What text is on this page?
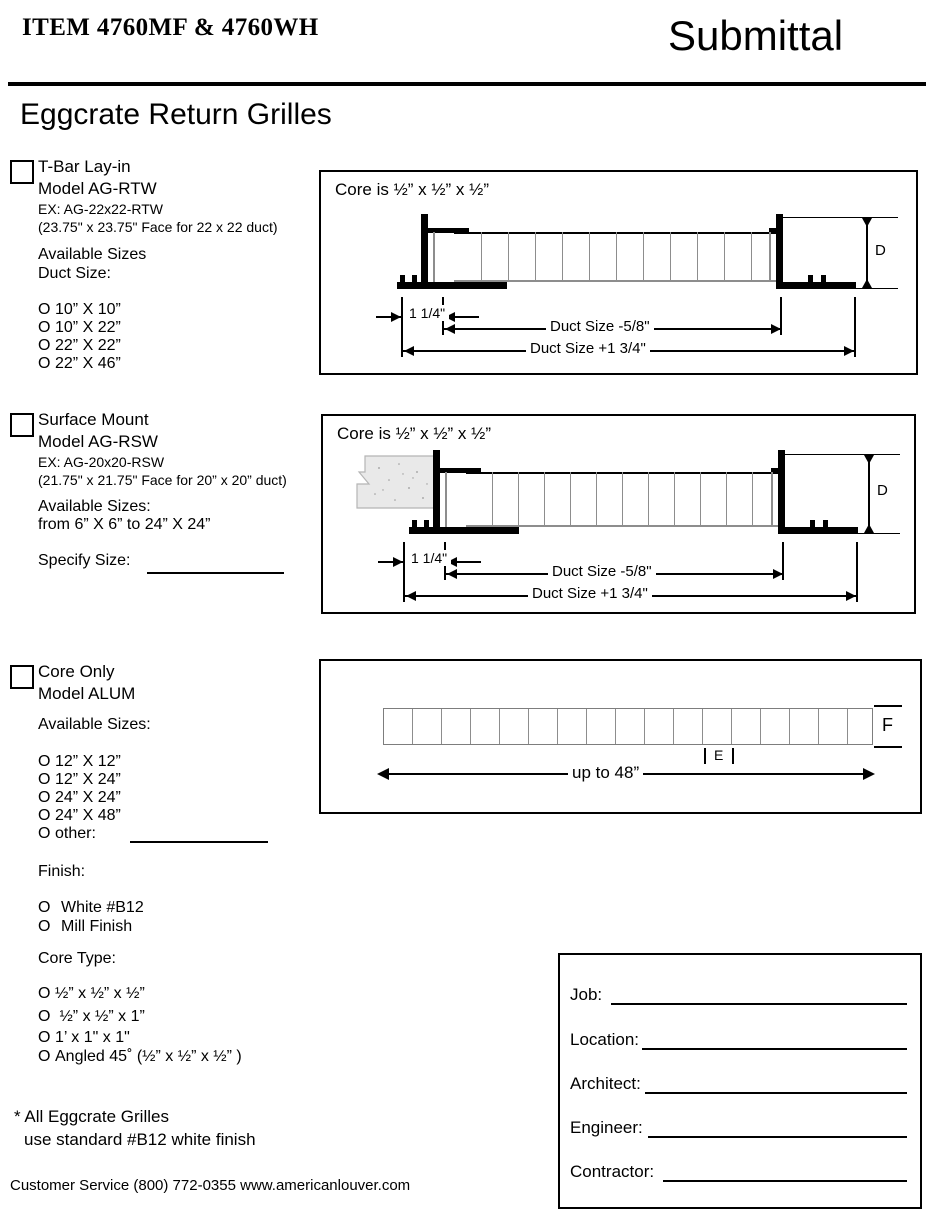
ITEM 4760MF & 4760WH	Submittal
Eggcrate Return Grilles
T-Bar Lay-in
Model AG-RTW
EX: AG-22x22-RTW
(23.75" x 23.75" Face for 22 x 22 duct)
Available Sizes
Duct Size:
O 10” X 10”
O 10” X 22”
O 22” X 22”
O 22” X 46”
Core is ½” x ½” x ½”
D
1 1/4"
Duct Size -5/8"
Duct Size +1 3/4"
Surface Mount
Model AG-RSW
EX: AG-20x20-RSW
(21.75" x 21.75" Face for 20” x 20” duct)
Available Sizes:
from 6” X 6” to 24” X 24”
Specify Size:
Core is ½” x ½” x ½”
D
1 1/4"
Duct Size -5/8"
Duct Size +1 3/4"
Core Only
Model ALUM
Available Sizes:
O 12” X 12”
O 12” X 24”
O 24” X 24”
O 24” X 48”
O other:
F
E
up to 48”
Finish:
O White #B12
O Mill Finish
Core Type:
O ½” x ½” x ½”
O ½” x ½” x 1”
O 1’ x 1" x 1"
O Angled 45˚ (½” x ½” x ½” )
Job:
Location:
Architect:
Engineer:
Contractor:
* All Eggcrate Grilles
use standard #B12 white finish
Customer Service (800) 772-0355 www.americanlouver.com
